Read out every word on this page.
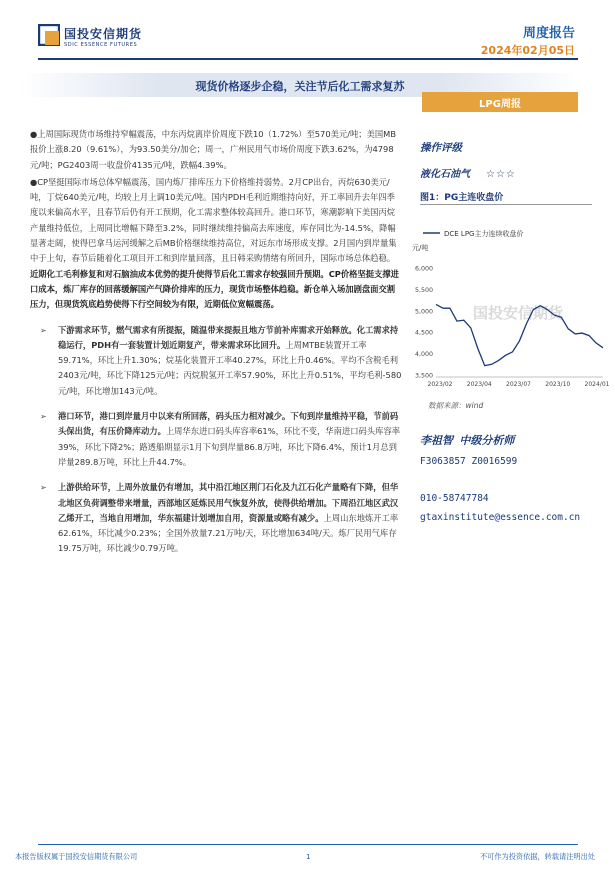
国投安信期货
SDIC ESSENCE FUTURES
周度报告
2024年02月05日
现货价格逐步企稳，关注节后化工需求复苏
LPG周报
●上周国际现货市场维持窄幅震荡，中东丙烷离岸价周度下跌10（1.72%）至570美元/吨；美国MB报价上涨8.20（9.61%），为93.50美分/加仑；周一，广州民用气市场价周度下跌3.62%，为4798元/吨；PG2403周一收盘价4135元/吨，跌幅4.39%。
●CP坚挺国际市场总体窄幅震荡，国内炼厂排库压力下价格维持弱势。2月CP出台，丙烷630美元/吨，丁烷640美元/吨，均较上月上调10美元/吨。国内PDH毛利近期维持向好，开工率回升去年四季度以来偏高水平，且春节后仍有开工预期，化工需求整体较高回升。港口环节，寒潮影响下美国丙烷产量维持低位，上周同比增幅下降至3.2%，同时继续维持偏高去库速度，库存同比为-14.5%，降幅显著走阔，使得巴拿马运河缓解之后MB价格继续维持高位，对远东市场形成支撑。2月国内到岸量集中于上旬，春节后随着化工项目开工和到岸量回落，且日韩采购情绪有所回升，国际市场总体趋稳。近期化工毛利修复和对石脑油成本优势的提升使得节后化工需求存较强回升预期。CP价格坚挺支撑进口成本，炼厂库存的回落缓解国产气降价排库的压力，现货市场整体趋稳。新仓单入场加剧盘面交割压力，但现货筑底趋势使得下行空间较为有限，近期低位宽幅震荡。
➢ 下游需求环节，燃气需求有所提振，随温带来提振且地方节前补库需求开始释放。化工需求持稳运行，PDH有一套装置计划近期复产，带来需求环比回升。上周MTBE装置开工率59.71%，环比上升1.30%；烷基化装置开工率40.27%，环比上升0.46%。平均不含税毛利2403元/吨，环比下降125元/吨；丙烷脱氢开工率57.90%，环比上升0.51%，平均毛利-580元/吨，环比增加143元/吨。
➢ 港口环节，港口到岸量月中以来有所回落，码头压力相对减少。下旬到岸量维持平稳，节前码头保出货，有压价降库动力。上周华东进口码头库容率61%，环比不变，华南进口码头库容率39%，环比下降2%；路透船期显示1月下旬到岸量86.8万吨，环比下降6.4%，预计1月总到岸量289.8万吨，环比上升44.7%。
➢ 上游供给环节，上周外放量仍有增加，其中沿江地区荆门石化及九江石化产量略有下降，但华北地区负荷调整带来增量，西部地区延炼民用气恢复外放，使得供给增加。下周沿江地区武汉乙烯开工，当地自用增加，华东福建计划增加自用，资源量或略有减少。上周山东地炼开工率62.61%，环比减少0.23%；全国外放量7.21万吨/天，环比增加634吨/天。炼厂民用气库存19.75万吨，环比减少0.79万吨。
操作评级
液化石油气 ☆☆☆
图1：PG主连收盘价
国投安信期货
3,500
4,000
4,500
5,000
5,500
6,000
2023/02 2023/04 2023/07 2023/10 2024/01
DCE LPG主力连续收盘价
元/吨
数据来源：wind
李祖智 中级分析师
F3063857 Z0016599
010-58747784
gtaxinstitute@essence.com.cn
本报告版权属于国投安信期货有限公司	1	不可作为投资依据，转载请注明出处
